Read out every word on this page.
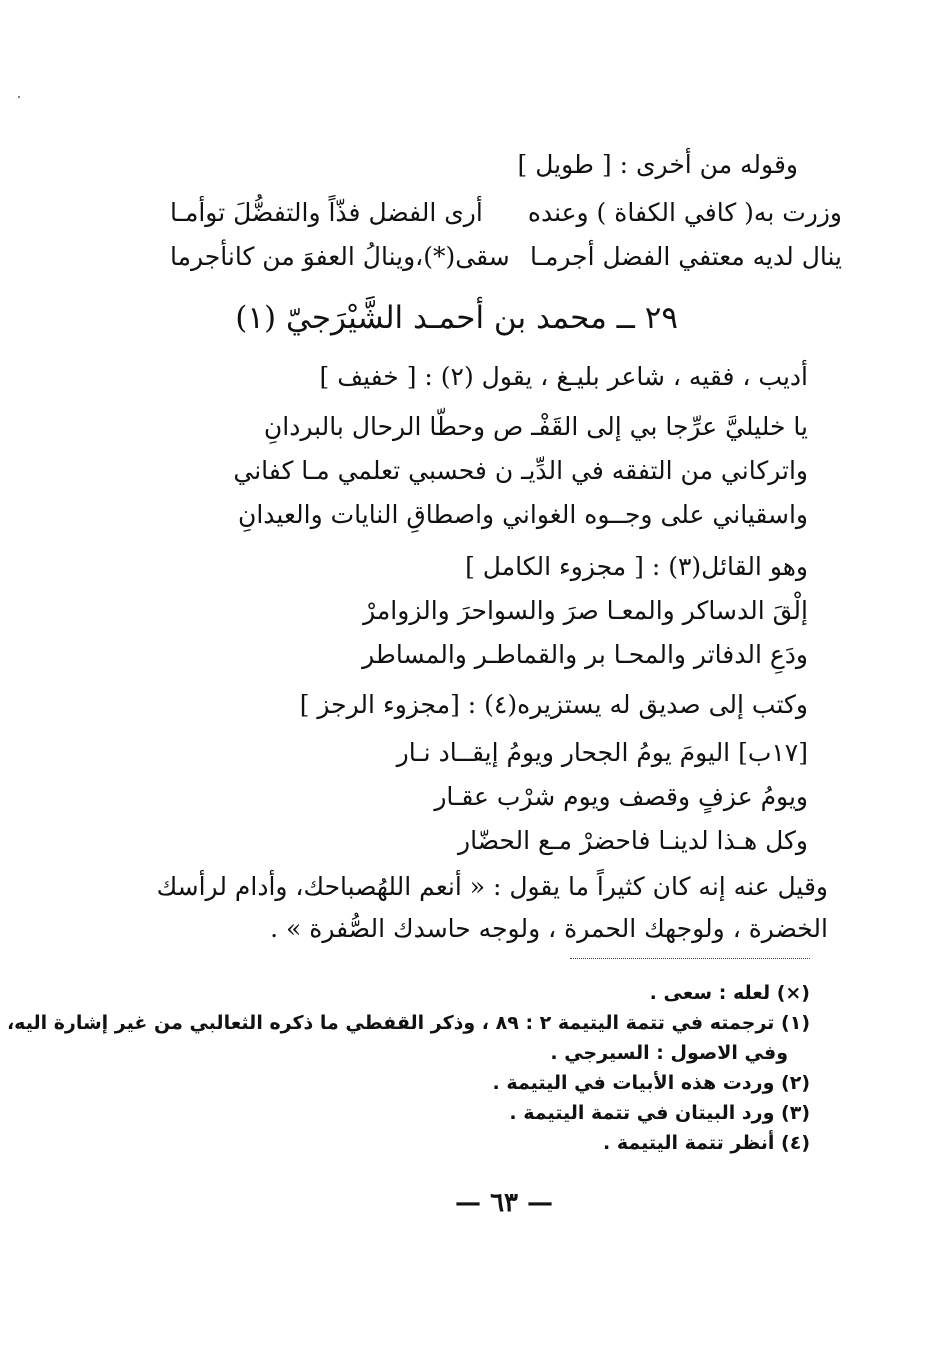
وقوله من أخرى : [ طويل ]
وزرت به( كافي الكفاة ) وعنده
أرى الفضل فذّاً والتفضُّلَ توأمـا
ينال لديه معتفي الفضل أجرمـا
سقى(*)،وينالُ العفوَ من كانأجرما
٢٩ ــ محمد بن أحمـد الشَّيْرَجيّ (١)
أديب ، فقيه ، شاعر بليـغ ، يقول (٢) : [ خفيف ]
يا خليليَّ عرِّجا بي إلى القَفْـ ص وحطّا الرحال بالبردانِ
واتركاني من التفقه في الدِّيـ ن فحسبي تعلمي مـا كفاني
واسقياني على وجــوه الغواني واصطاقِ النايات والعيدانِ
وهو القائل(٣) : [ مجزوء الكامل ]
إلْقَ الدساكر والمعـا صرَ والسواحرَ والزوامرْ
ودَعِ الدفاتر والمحـا بر والقماطـر والمساطر
وكتب إلى صديق له يستزيره(٤) : [مجزوء الرجز ]
[١٧ب] اليومَ يومُ الجحار ويومُ إيقــاد نـار
ويومُ عزفٍ وقصف ويوم شرْب عقـار
وكل هـذا لدينـا فاحضرْ مـع الحضّار
وقيل عنه إنه كان كثيراً ما يقول : « أنعم اللهُصباحك، وأدام لرأسك
الخضرة ، ولوجهك الحمرة ، ولوجه حاسدك الصُّفرة » .
(×) لعله : سعى .
(١) ترجمته في تتمة اليتيمة ٢ : ٨٩ ، وذكر القفطي ما ذكره الثعالبي من غير إشارة اليه،
وفي الاصول : السيرجي .
(٢) وردت هذه الأبيات في اليتيمة .
(٣) ورد البيتان في تتمة اليتيمة .
(٤) أنظر تتمة اليتيمة .
— ٦٣ —
